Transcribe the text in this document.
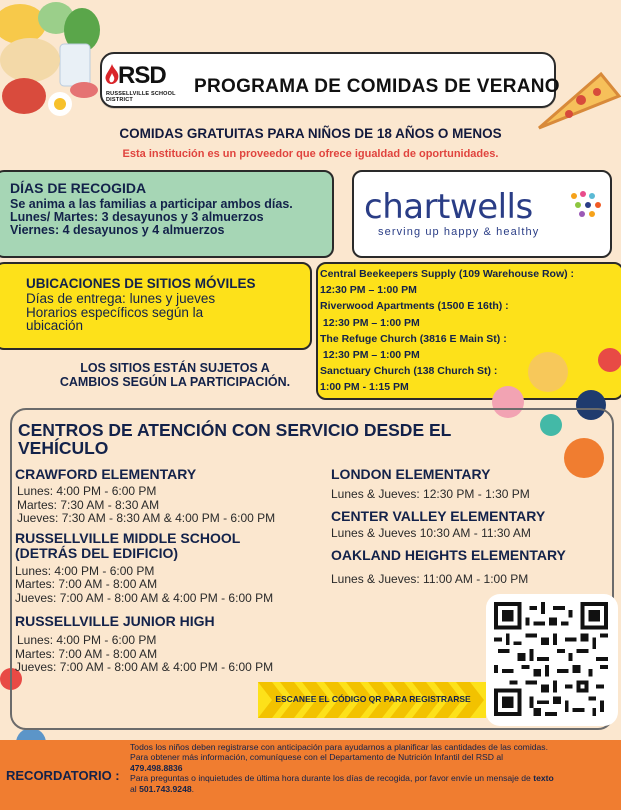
RSD
RUSSELLVILLE SCHOOL DISTRICT
PROGRAMA DE COMIDAS DE VERANO
COMIDAS GRATUITAS PARA NIÑOS DE 18 AÑOS O MENOS
Esta institución es un proveedor que ofrece igualdad de oportunidades.
DÍAS DE RECOGIDA
Se anima a las familias a participar ambos días.
Lunes/ Martes: 3 desayunos y 3 almuerzos
Viernes: 4 desayunos y 4 almuerzos
chartwells
serving up happy & healthy
UBICACIONES DE SITIOS MÓVILES
Días de entrega: lunes y jueves
Horarios específicos según la
ubicación
Central Beekeepers Supply (109 Warehouse Row) :
12:30 PM – 1:00 PM
Riverwood Apartments (1500 E 16th) :
12:30 PM – 1:00 PM
The Refuge Church (3816 E Main St) :
12:30 PM – 1:00 PM
Sanctuary Church (138 Church St) :
1:00 PM - 1:15 PM
LOS SITIOS ESTÁN SUJETOS A
CAMBIOS SEGÚN LA PARTICIPACIÓN.
CENTROS DE ATENCIÓN CON SERVICIO DESDE EL VEHÍCULO
CRAWFORD ELEMENTARY
Lunes: 4:00 PM - 6:00 PM
Martes: 7:30 AM - 8:30 AM
Jueves: 7:30 AM - 8:30 AM & 4:00 PM - 6:00 PM
RUSSELLVILLE MIDDLE SCHOOL (DETRÁS DEL EDIFICIO)
Lunes: 4:00 PM - 6:00 PM
Martes: 7:00 AM - 8:00 AM
Jueves: 7:00 AM - 8:00 AM & 4:00 PM - 6:00 PM
RUSSELLVILLE JUNIOR HIGH
Lunes: 4:00 PM - 6:00 PM
Martes: 7:00 AM - 8:00 AM
Jueves: 7:00 AM - 8:00 AM & 4:00 PM - 6:00 PM
LONDON ELEMENTARY
Lunes & Jueves: 12:30 PM - 1:30 PM
CENTER VALLEY ELEMENTARY
Lunes & Jueves 10:30 AM - 11:30 AM
OAKLAND HEIGHTS ELEMENTARY
Lunes & Jueves: 11:00 AM - 1:00 PM
ESCANEE EL CÓDIGO QR PARA REGISTRARSE
RECORDATORIO :
Todos los niños deben registrarse con anticipación para ayudarnos a planificar las cantidades de las comidas.
Para obtener más información, comuníquese con el Departamento de Nutrición Infantil del RSD al
479.498.8836
Para preguntas o inquietudes de última hora durante los días de recogida, por favor envíe un mensaje de texto
al 501.743.9248.
